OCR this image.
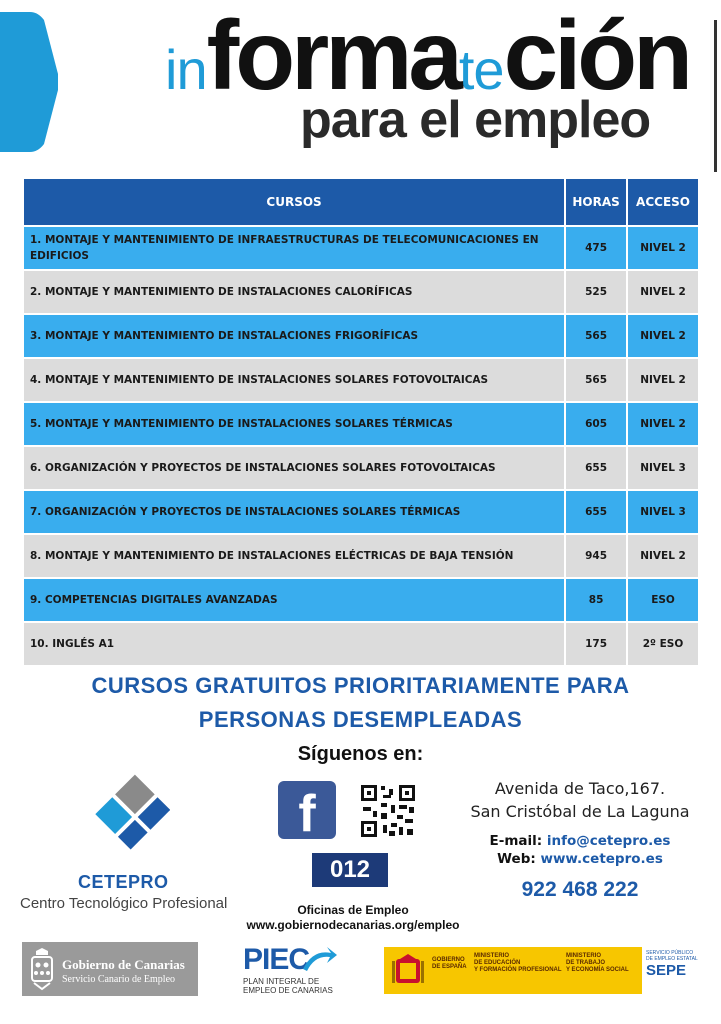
informateción
para el empleo
CURSOS	HORAS	ACCESO
1. MONTAJE Y MANTENIMIENTO DE INFRAESTRUCTURAS DE TELECOMUNICACIONES EN EDIFICIOS	475	NIVEL 2
2. MONTAJE Y MANTENIMIENTO DE INSTALACIONES CALORÍFICAS	525	NIVEL 2
3. MONTAJE Y MANTENIMIENTO DE INSTALACIONES FRIGORÍFICAS	565	NIVEL 2
4. MONTAJE Y MANTENIMIENTO DE INSTALACIONES SOLARES FOTOVOLTAICAS	565	NIVEL 2
5. MONTAJE Y MANTENIMIENTO DE INSTALACIONES SOLARES TÉRMICAS	605	NIVEL 2
6. ORGANIZACIÓN Y PROYECTOS DE INSTALACIONES SOLARES FOTOVOLTAICAS	655	NIVEL 3
7. ORGANIZACIÓN Y PROYECTOS DE INSTALACIONES SOLARES TÉRMICAS	655	NIVEL 3
8. MONTAJE Y MANTENIMIENTO DE INSTALACIONES ELÉCTRICAS DE BAJA TENSIÓN	945	NIVEL 2
9. COMPETENCIAS DIGITALES AVANZADAS	85	ESO
10. INGLÉS A1	175	2º ESO
CURSOS GRATUITOS PRIORITARIAMENTE PARA
PERSONAS DESEMPLEADAS
Síguenos en:
CETEPRO
Centro Tecnológico Profesional
f
012
Oficinas de Empleo
www.gobiernodecanarias.org/empleo
Avenida de Taco,167.
San Cristóbal de La Laguna
E-mail: info@cetepro.es
Web: www.cetepro.es
922 468 222
Gobierno de Canarias
Servicio Canario de Empleo
PIEC
PLAN INTEGRAL DE
EMPLEO DE CANARIAS
GOBIERNO
DE ESPAÑA
MINISTERIO
DE EDUCACIÓN
Y FORMACIÓN PROFESIONAL
MINISTERIO
DE TRABAJO
Y ECONOMÍA SOCIAL
SERVICIO PÚBLICO
DE EMPLEO ESTATAL
SEPE
